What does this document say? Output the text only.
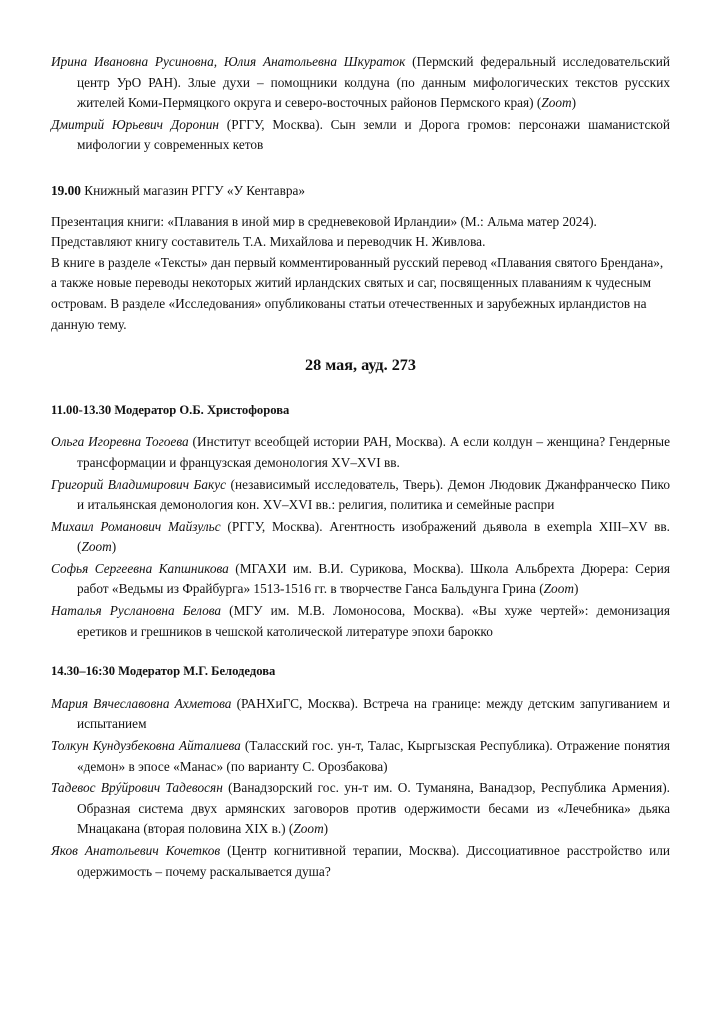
Ирина Ивановна Русиновна, Юлия Анатольевна Шкураток (Пермский федеральный исследовательский центр УрО РАН). Злые духи – помощники колдуна (по данным мифологических текстов русских жителей Коми-Пермяцкого округа и северо-восточных районов Пермского края) (Zoom)

Дмитрий Юрьевич Доронин (РГГУ, Москва). Сын земли и Дорога громов: персонажи шаманистской мифологии у современных кетов

19.00 Книжный магазин РГГУ «У Кентавра»

Презентация книги: «Плавания в иной мир в средневековой Ирландии» (М.: Альма матер 2024).

Представляют книгу составитель Т.А. Михайлова и переводчик Н. Живлова.

В книге в разделе «Тексты» дан первый комментированный русский перевод «Плавания святого Брендана», а также новые переводы некоторых житий ирландских святых и саг, посвященных плаваниям к чудесным островам. В разделе «Исследования» опубликованы статьи отечественных и зарубежных ирландистов на данную тему.

28 мая, ауд. 273

11.00-13.30 Модератор О.Б. Христофорова

Ольга Игоревна Тогоева (Институт всеобщей истории РАН, Москва). А если колдун – женщина? Гендерные трансформации и французская демонология XV–XVI вв.

Григорий Владимирович Бакус (независимый исследователь, Тверь). Демон Людовик Джанфранческо Пико и итальянская демонология кон. XV–XVI вв.: религия, политика и семейные распри

Михаил Романович Майзульс (РГГУ, Москва). Агентность изображений дьявола в exempla XIII–XV вв. (Zoom)

Софья Сергеевна Капшникова (МГАХИ им. В.И. Сурикова, Москва). Школа Альбрехта Дюрера: Серия работ «Ведьмы из Фрайбурга» 1513-1516 гг. в творчестве Ганса Бальдунга Грина (Zoom)

Наталья Руслановна Белова (МГУ им. М.В. Ломоносова, Москва). «Вы хуже чертей»: демонизация еретиков и грешников в чешской католической литературе эпохи барокко

14.30–16:30 Модератор М.Г. Белодедова

Мария Вячеславовна Ахметова (РАНХиГС, Москва). Встреча на границе: между детским запугиванием и испытанием

Толкун Кундузбековна Айталиева (Таласский гос. ун-т, Талас, Кыргызская Республика). Отражение понятия «демон» в эпосе «Манас» (по варианту С. Орозбакова)

Тадевос Врýйрович Тадевосян (Ванадзорский гос. ун-т им. О. Туманяна, Ванадзор, Республика Армения). Образная система двух армянских заговоров против одержимости бесами из «Лечебника» дьяка Мнацакана (вторая половина XIX в.) (Zoom)

Яков Анатольевич Кочетков (Центр когнитивной терапии, Москва). Диссоциативное расстройство или одержимость – почему раскалывается душа?
